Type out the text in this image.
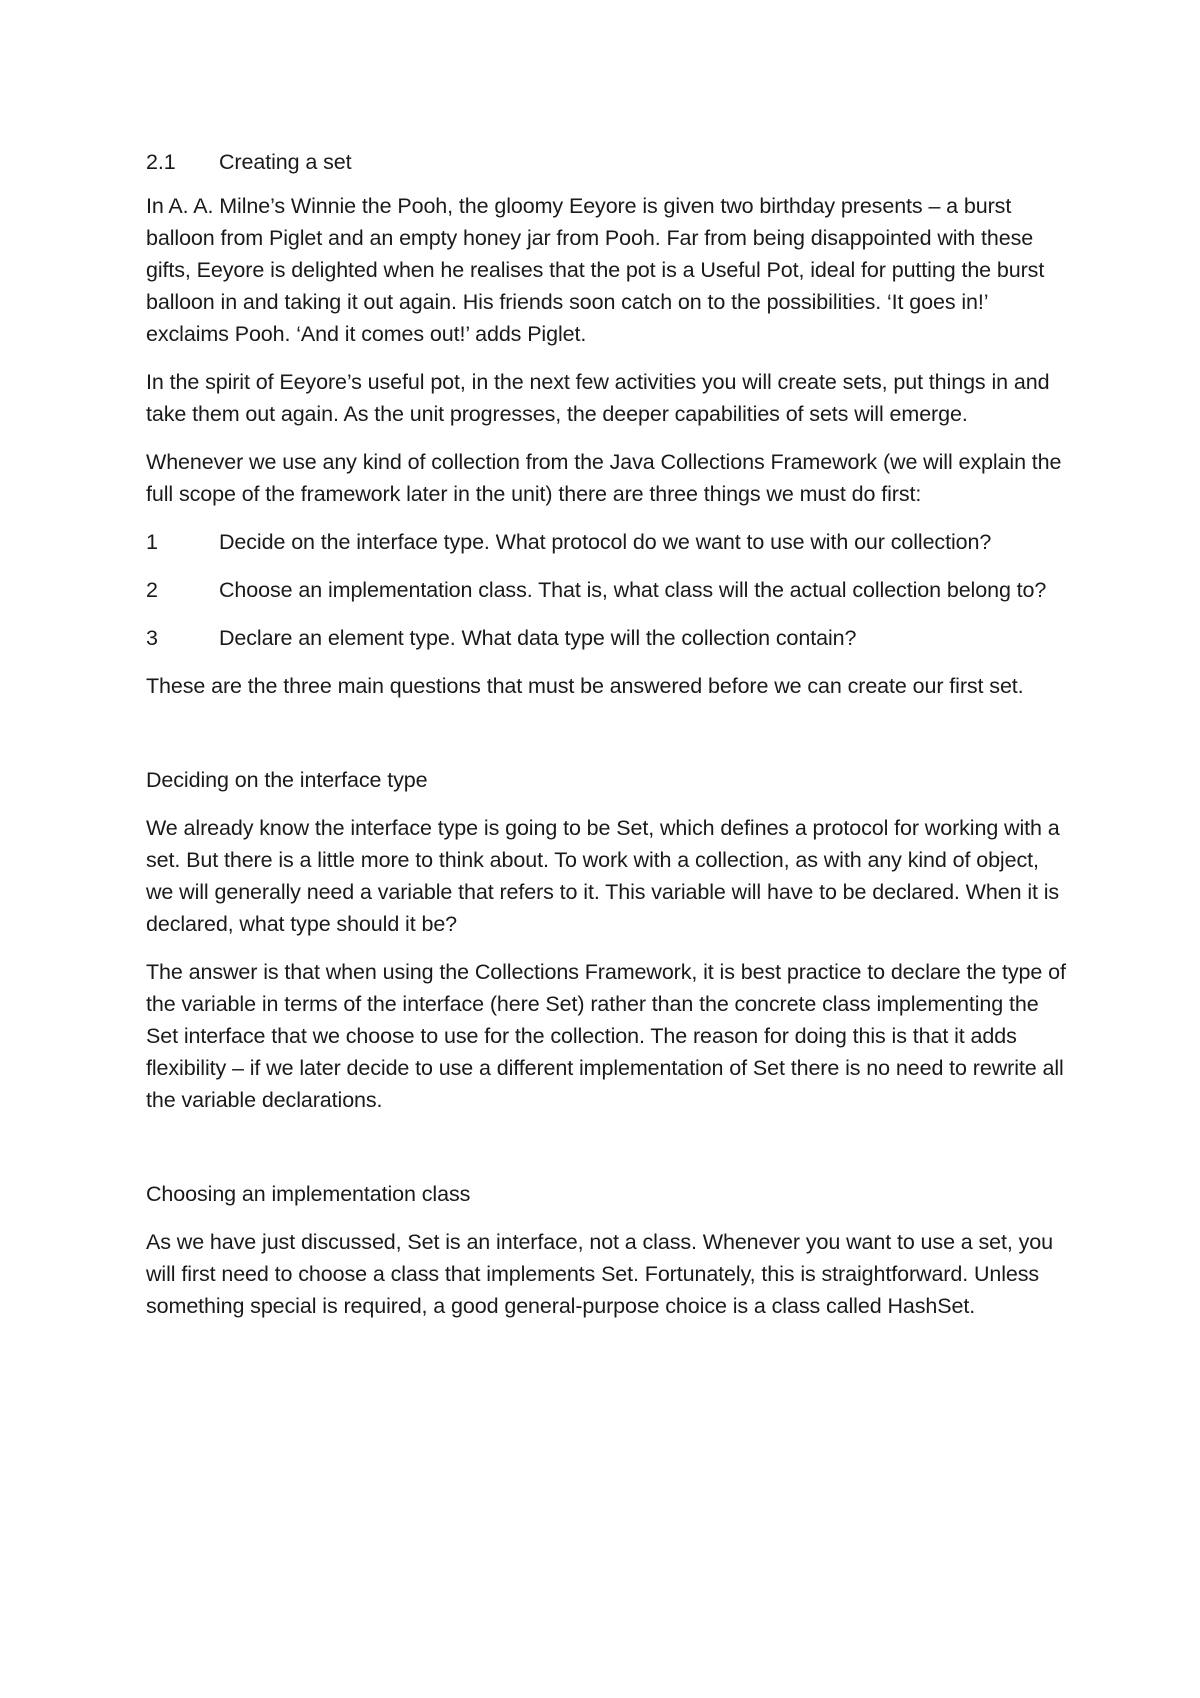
2.1	Creating a set

In A. A. Milne’s Winnie the Pooh, the gloomy Eeyore is given two birthday presents – a burst balloon from Piglet and an empty honey jar from Pooh. Far from being disappointed with these gifts, Eeyore is delighted when he realises that the pot is a Useful Pot, ideal for putting the burst balloon in and taking it out again. His friends soon catch on to the possibilities. ‘It goes in!’ exclaims Pooh. ‘And it comes out!’ adds Piglet.

In the spirit of Eeyore’s useful pot, in the next few activities you will create sets, put things in and take them out again. As the unit progresses, the deeper capabilities of sets will emerge.

Whenever we use any kind of collection from the Java Collections Framework (we will explain the full scope of the framework later in the unit) there are three things we must do first:

1	Decide on the interface type. What protocol do we want to use with our collection?
2	Choose an implementation class. That is, what class will the actual collection belong to?
3	Declare an element type. What data type will the collection contain?

These are the three main questions that must be answered before we can create our first set.

Deciding on the interface type

We already know the interface type is going to be Set, which defines a protocol for working with a set. But there is a little more to think about. To work with a collection, as with any kind of object, we will generally need a variable that refers to it. This variable will have to be declared. When it is declared, what type should it be?

The answer is that when using the Collections Framework, it is best practice to declare the type of the variable in terms of the interface (here Set) rather than the concrete class implementing the Set interface that we choose to use for the collection. The reason for doing this is that it adds flexibility – if we later decide to use a different implementation of Set there is no need to rewrite all the variable declarations.

Choosing an implementation class

As we have just discussed, Set is an interface, not a class. Whenever you want to use a set, you will first need to choose a class that implements Set. Fortunately, this is straightforward. Unless something special is required, a good general-purpose choice is a class called HashSet.
